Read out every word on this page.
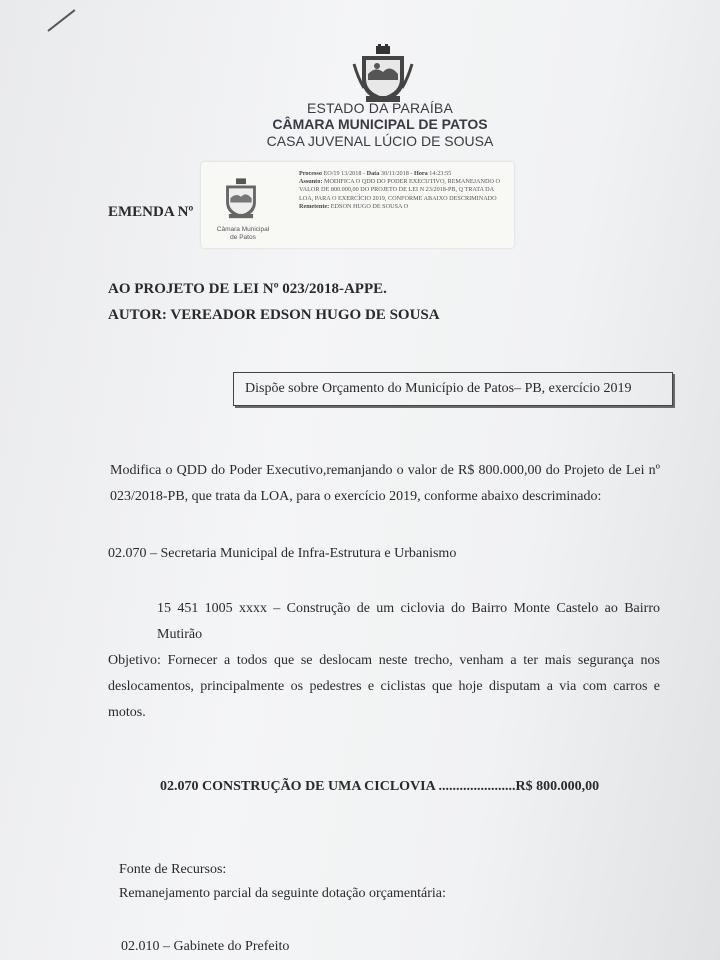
ESTADO DA PARAÍBA
CÂMARA MUNICIPAL DE PATOS
CASA JUVENAL LÚCIO DE SOUSA
EMENDA Nº
Câmara Municipal
de Patos
Processo EO/19 13/2018 - Data 30/11/2018 - Hora 14:23:55
Assunto: MODIFICA O QDD DO PODER EXECUTIVO, REMANEJANDO O VALOR DE 800.000,00 DO PROJETO DE LEI N 23/2018-PB, Q TRATA DA LOA, PARA O EXERCÍCIO 2019, CONFORME ABAIXO DESCRIMINADO
Remetente: EDSON HUGO DE SOUSA O
AO PROJETO DE LEI Nº 023/2018-APPE.
AUTOR: VEREADOR EDSON HUGO DE SOUSA
Dispõe sobre Orçamento do Município de Patos– PB, exercício 2019
Modifica o QDD do Poder Executivo,remanjando o valor de R$ 800.000,00 do Projeto de Lei nº 023/2018-PB, que trata da LOA, para o exercício 2019, conforme abaixo descriminado:
02.070 – Secretaria Municipal de Infra-Estrutura e Urbanismo
15 451 1005 xxxx – Construção de um ciclovia do Bairro Monte Castelo ao Bairro Mutirão
Objetivo: Fornecer a todos que se deslocam neste trecho, venham a ter mais segurança nos deslocamentos, principalmente os pedestres e ciclistas que hoje disputam a via com carros e motos.
02.070 CONSTRUÇÃO DE UMA CICLOVIA ......................R$ 800.000,00
Fonte de Recursos:
Remanejamento parcial da seguinte dotação orçamentária:
02.010 – Gabinete do Prefeito
